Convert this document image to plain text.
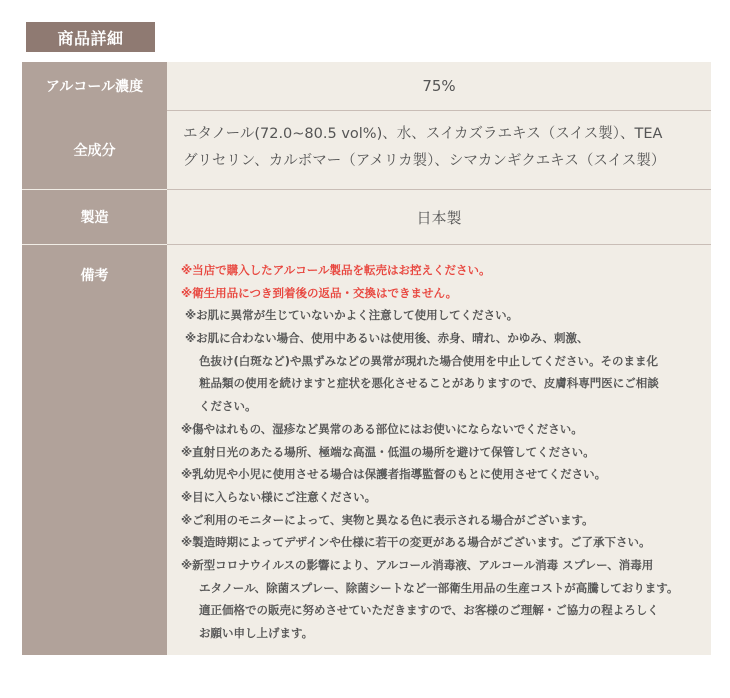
商品詳細
アルコール濃度	75%
全成分
エタノール(72.0~80.5 vol%)、水、スイカズラエキス（スイス製）、TEA
グリセリン、カルボマー（アメリカ製）、シマカンギクエキス（スイス製）
製造	日本製
備考	※当店で購入したアルコール製品を転売はお控えください。
※衛生用品につき到着後の返品・交換はできません。
※お肌に異常が生じていないかよく注意して使用してください。
※お肌に合わない場合、使用中あるいは使用後、赤身、晴れ、かゆみ、刺激、
色抜け(白斑など)や黒ずみなどの異常が現れた場合使用を中止してください。そのまま化
粧品類の使用を続けますと症状を悪化させることがありますので、皮膚科専門医にご相談
ください。
※傷やはれもの、湿疹など異常のある部位にはお使いにならないでください。
※直射日光のあたる場所、極端な高温・低温の場所を避けて保管してください。
※乳幼児や小児に使用させる場合は保護者指導監督のもとに使用させてください。
※目に入らない様にご注意ください。
※ご利用のモニターによって、実物と異なる色に表示される場合がございます。
※製造時期によってデザインや仕様に若干の変更がある場合がございます。ご了承下さい。
※新型コロナウイルスの影響により、アルコール消毒液、アルコール消毒 スプレー、消毒用
エタノール、除菌スプレー、除菌シートなど一部衛生用品の生産コストが高騰しております。
適正価格での販売に努めさせていただきますので、お客様のご理解・ご協力の程よろしく
お願い申し上げます。
